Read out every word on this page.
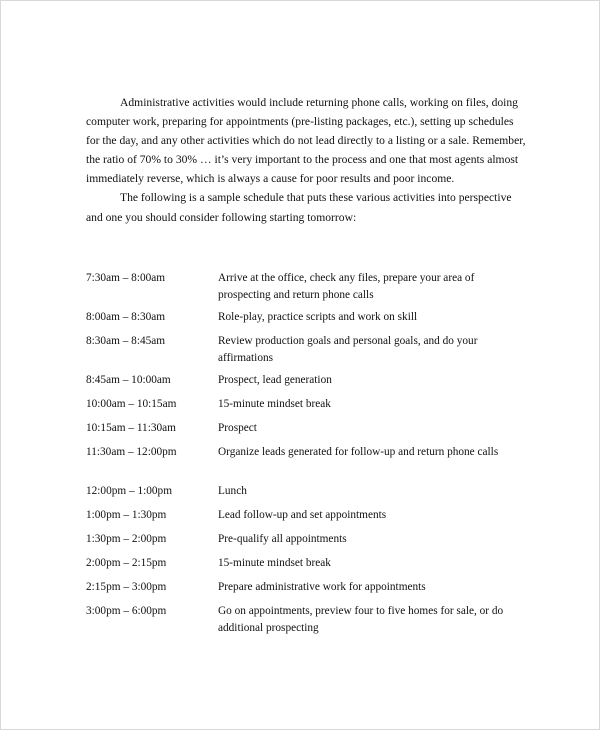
Administrative activities would include returning phone calls, working on files, doing computer work, preparing for appointments (pre-listing packages, etc.), setting up schedules for the day, and any other activities which do not lead directly to a listing or a sale. Remember, the ratio of 70% to 30% … it’s very important to the process and one that most agents almost immediately reverse, which is always a cause for poor results and poor income.

The following is a sample schedule that puts these various activities into perspective and one you should consider following starting tomorrow:

7:30am – 8:00am	Arrive at the office, check any files, prepare your area of prospecting and return phone calls
8:00am – 8:30am	Role-play, practice scripts and work on skill
8:30am – 8:45am	Review production goals and personal goals, and do your affirmations
8:45am – 10:00am	Prospect, lead generation
10:00am – 10:15am	15-minute mindset break
10:15am – 11:30am	Prospect
11:30am – 12:00pm	Organize leads generated for follow-up and return phone calls
12:00pm – 1:00pm	Lunch
1:00pm – 1:30pm	Lead follow-up and set appointments
1:30pm – 2:00pm	Pre-qualify all appointments
2:00pm – 2:15pm	15-minute mindset break
2:15pm – 3:00pm	Prepare administrative work for appointments
3:00pm – 6:00pm	Go on appointments, preview four to five homes for sale, or do additional prospecting
